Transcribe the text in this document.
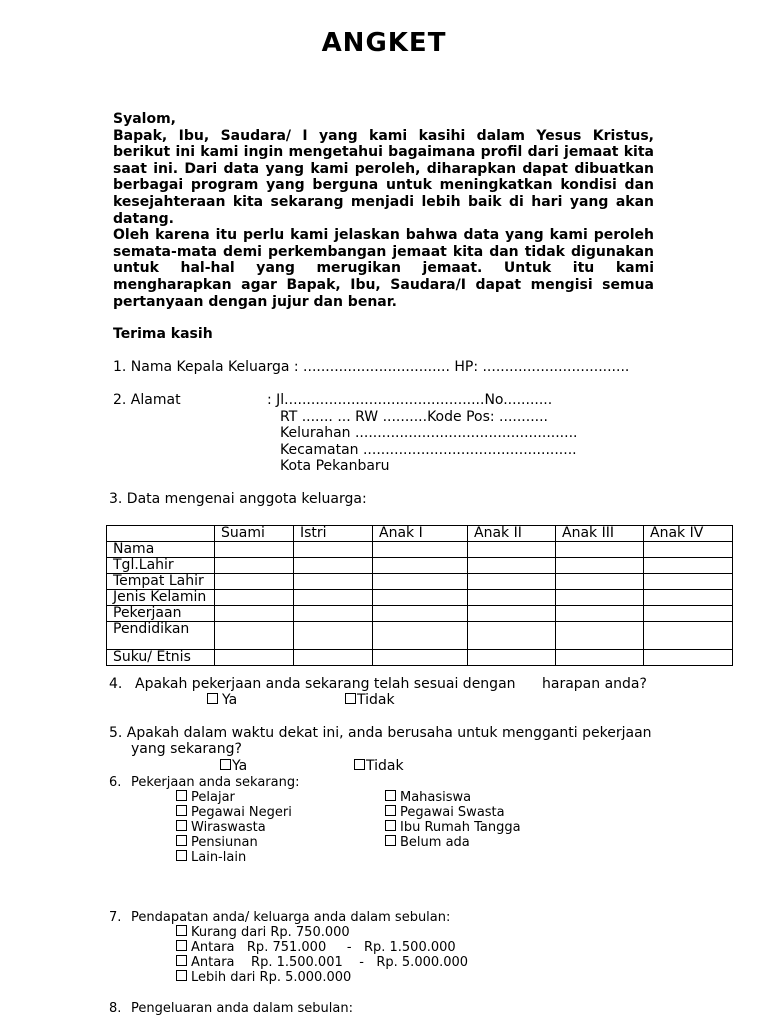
ANGKET

Syalom,

Bapak, Ibu, Saudara/ I yang kami kasihi dalam Yesus Kristus, berikut ini kami ingin mengetahui bagaimana profil dari jemaat kita saat ini. Dari data yang kami peroleh, diharapkan dapat dibuatkan berbagai program yang berguna untuk meningkatkan kondisi dan kesejahteraan kita sekarang menjadi lebih baik di hari yang akan datang.

Oleh karena itu perlu kami jelaskan bahwa data yang kami peroleh semata-mata demi perkembangan jemaat kita dan tidak digunakan untuk hal-hal yang merugikan jemaat. Untuk itu kami mengharapkan agar Bapak, Ibu, Saudara/I dapat mengisi semua pertanyaan dengan jujur dan benar.

Terima kasih

1. Nama Kepala Keluarga : ................................. HP: .................................
2. Alamat	: Jl.............................................No...........
RT ....... ... RW ..........Kode Pos: ...........
Kelurahan ..................................................
Kecamatan ................................................
Kota Pekanbaru
3. Data mengenai anggota keluarga:
	Suami	Istri	Anak I	Anak II	Anak III	Anak IV
Nama						
Tgl.Lahir						
Tempat Lahir						
Jenis Kelamin						
Pekerjaan						
Pendidikan						
Suku/ Etnis						
4. Apakah pekerjaan anda sekarang telah sesuai dengan harapan anda?
Ya	Tidak
5. Apakah dalam waktu dekat ini, anda berusaha untuk mengganti pekerjaan
yang sekarang?
Ya	Tidak
6. Pekerjaan anda sekarang:
Pelajar
Pegawai Negeri
Wiraswasta
Pensiunan
Lain-lain
Mahasiswa
Pegawai Swasta
Ibu Rumah Tangga
Belum ada
7. Pendapatan anda/ keluarga anda dalam sebulan:
Kurang dari Rp. 750.000
Antara   Rp. 751.000     -   Rp. 1.500.000
Antara    Rp. 1.500.001    -   Rp. 5.000.000
Lebih dari Rp. 5.000.000
8. Pengeluaran anda dalam sebulan:
